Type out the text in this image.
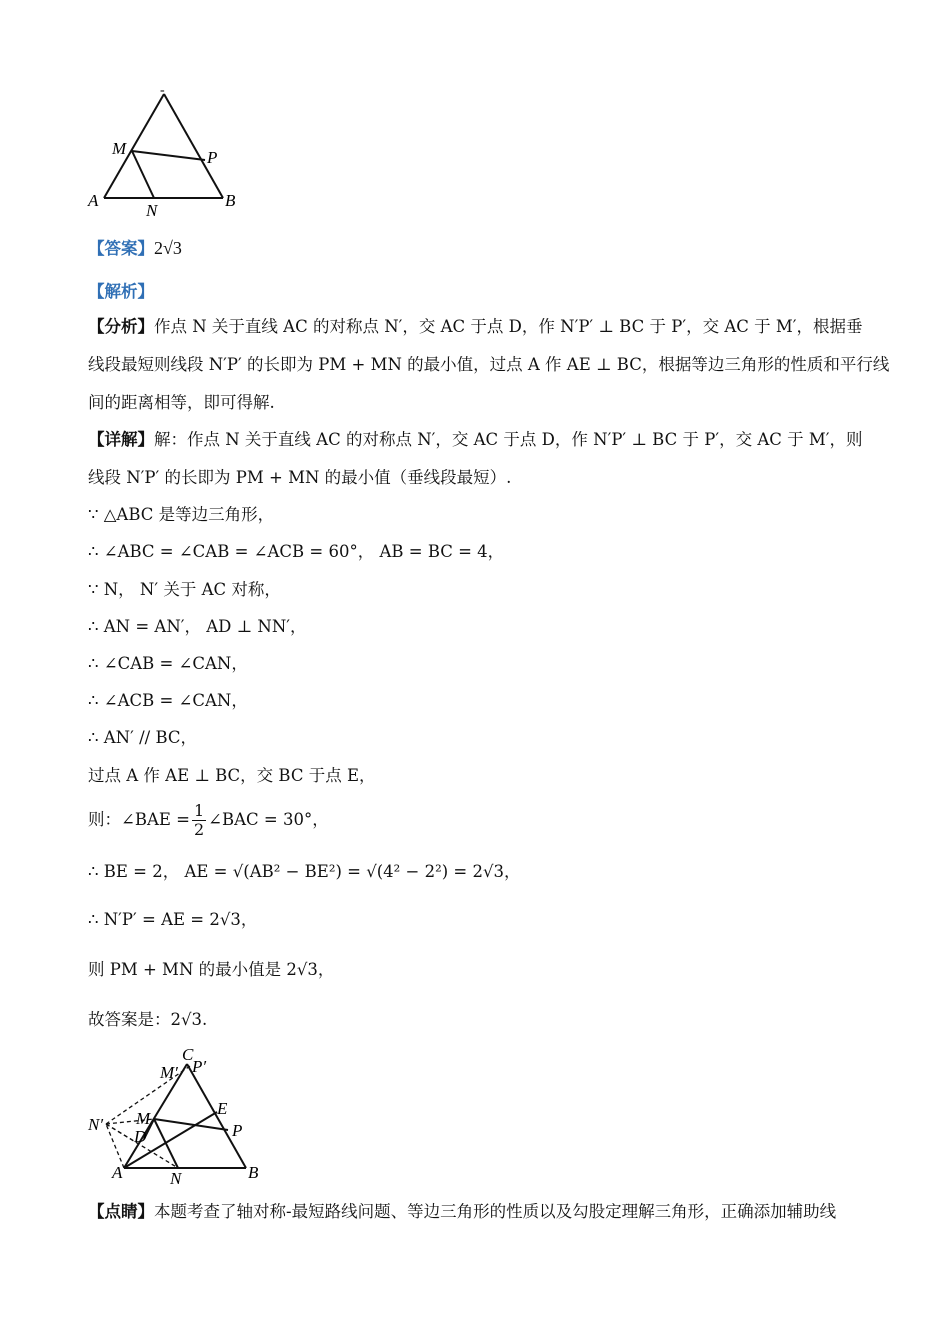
-
M	P
A
N
B
【答案】2√3
【解析】
【分析】作点 N 关于直线 AC 的对称点 N′，交 AC 于点 D，作 N′P′ ⊥ BC 于 P′，交 AC 于 M′，根据垂
线段最短则线段 N′P′ 的长即为 PM + MN 的最小值，过点 A 作 AE ⊥ BC，根据等边三角形的性质和平行线
间的距离相等，即可得解.
【详解】解：作点 N 关于直线 AC 的对称点 N′，交 AC 于点 D，作 N′P′ ⊥ BC 于 P′，交 AC 于 M′，则
线段 N′P′ 的长即为 PM + MN 的最小值（垂线段最短）.
∵ △ABC 是等边三角形，
∴ ∠ABC = ∠CAB = ∠ACB = 60°， AB = BC = 4，
∵ N， N′ 关于 AC 对称，
∴ AN = AN′， AD ⊥ NN′，
∴ ∠CAB = ∠CAN，
∴ ∠ACB = ∠CAN，
∴ AN′ // BC，
过点 A 作 AE ⊥ BC，交 BC 于点 E，
则：∠BAE = $\frac{1}{2}$ ∠BAC = 30°，
∴ BE = 2， AE = √(AB² − BE²) = √(4² − 2²) = 2√3，
∴ N′P′ = AE = 2√3，
则 PM + MN 的最小值是 2√3，
故答案是：2√3.
C
P′
M′
E
N′ M
D	P
A	N	B
【点睛】本题考查了轴对称-最短路线问题、等边三角形的性质以及勾股定理解三角形，正确添加辅助线
